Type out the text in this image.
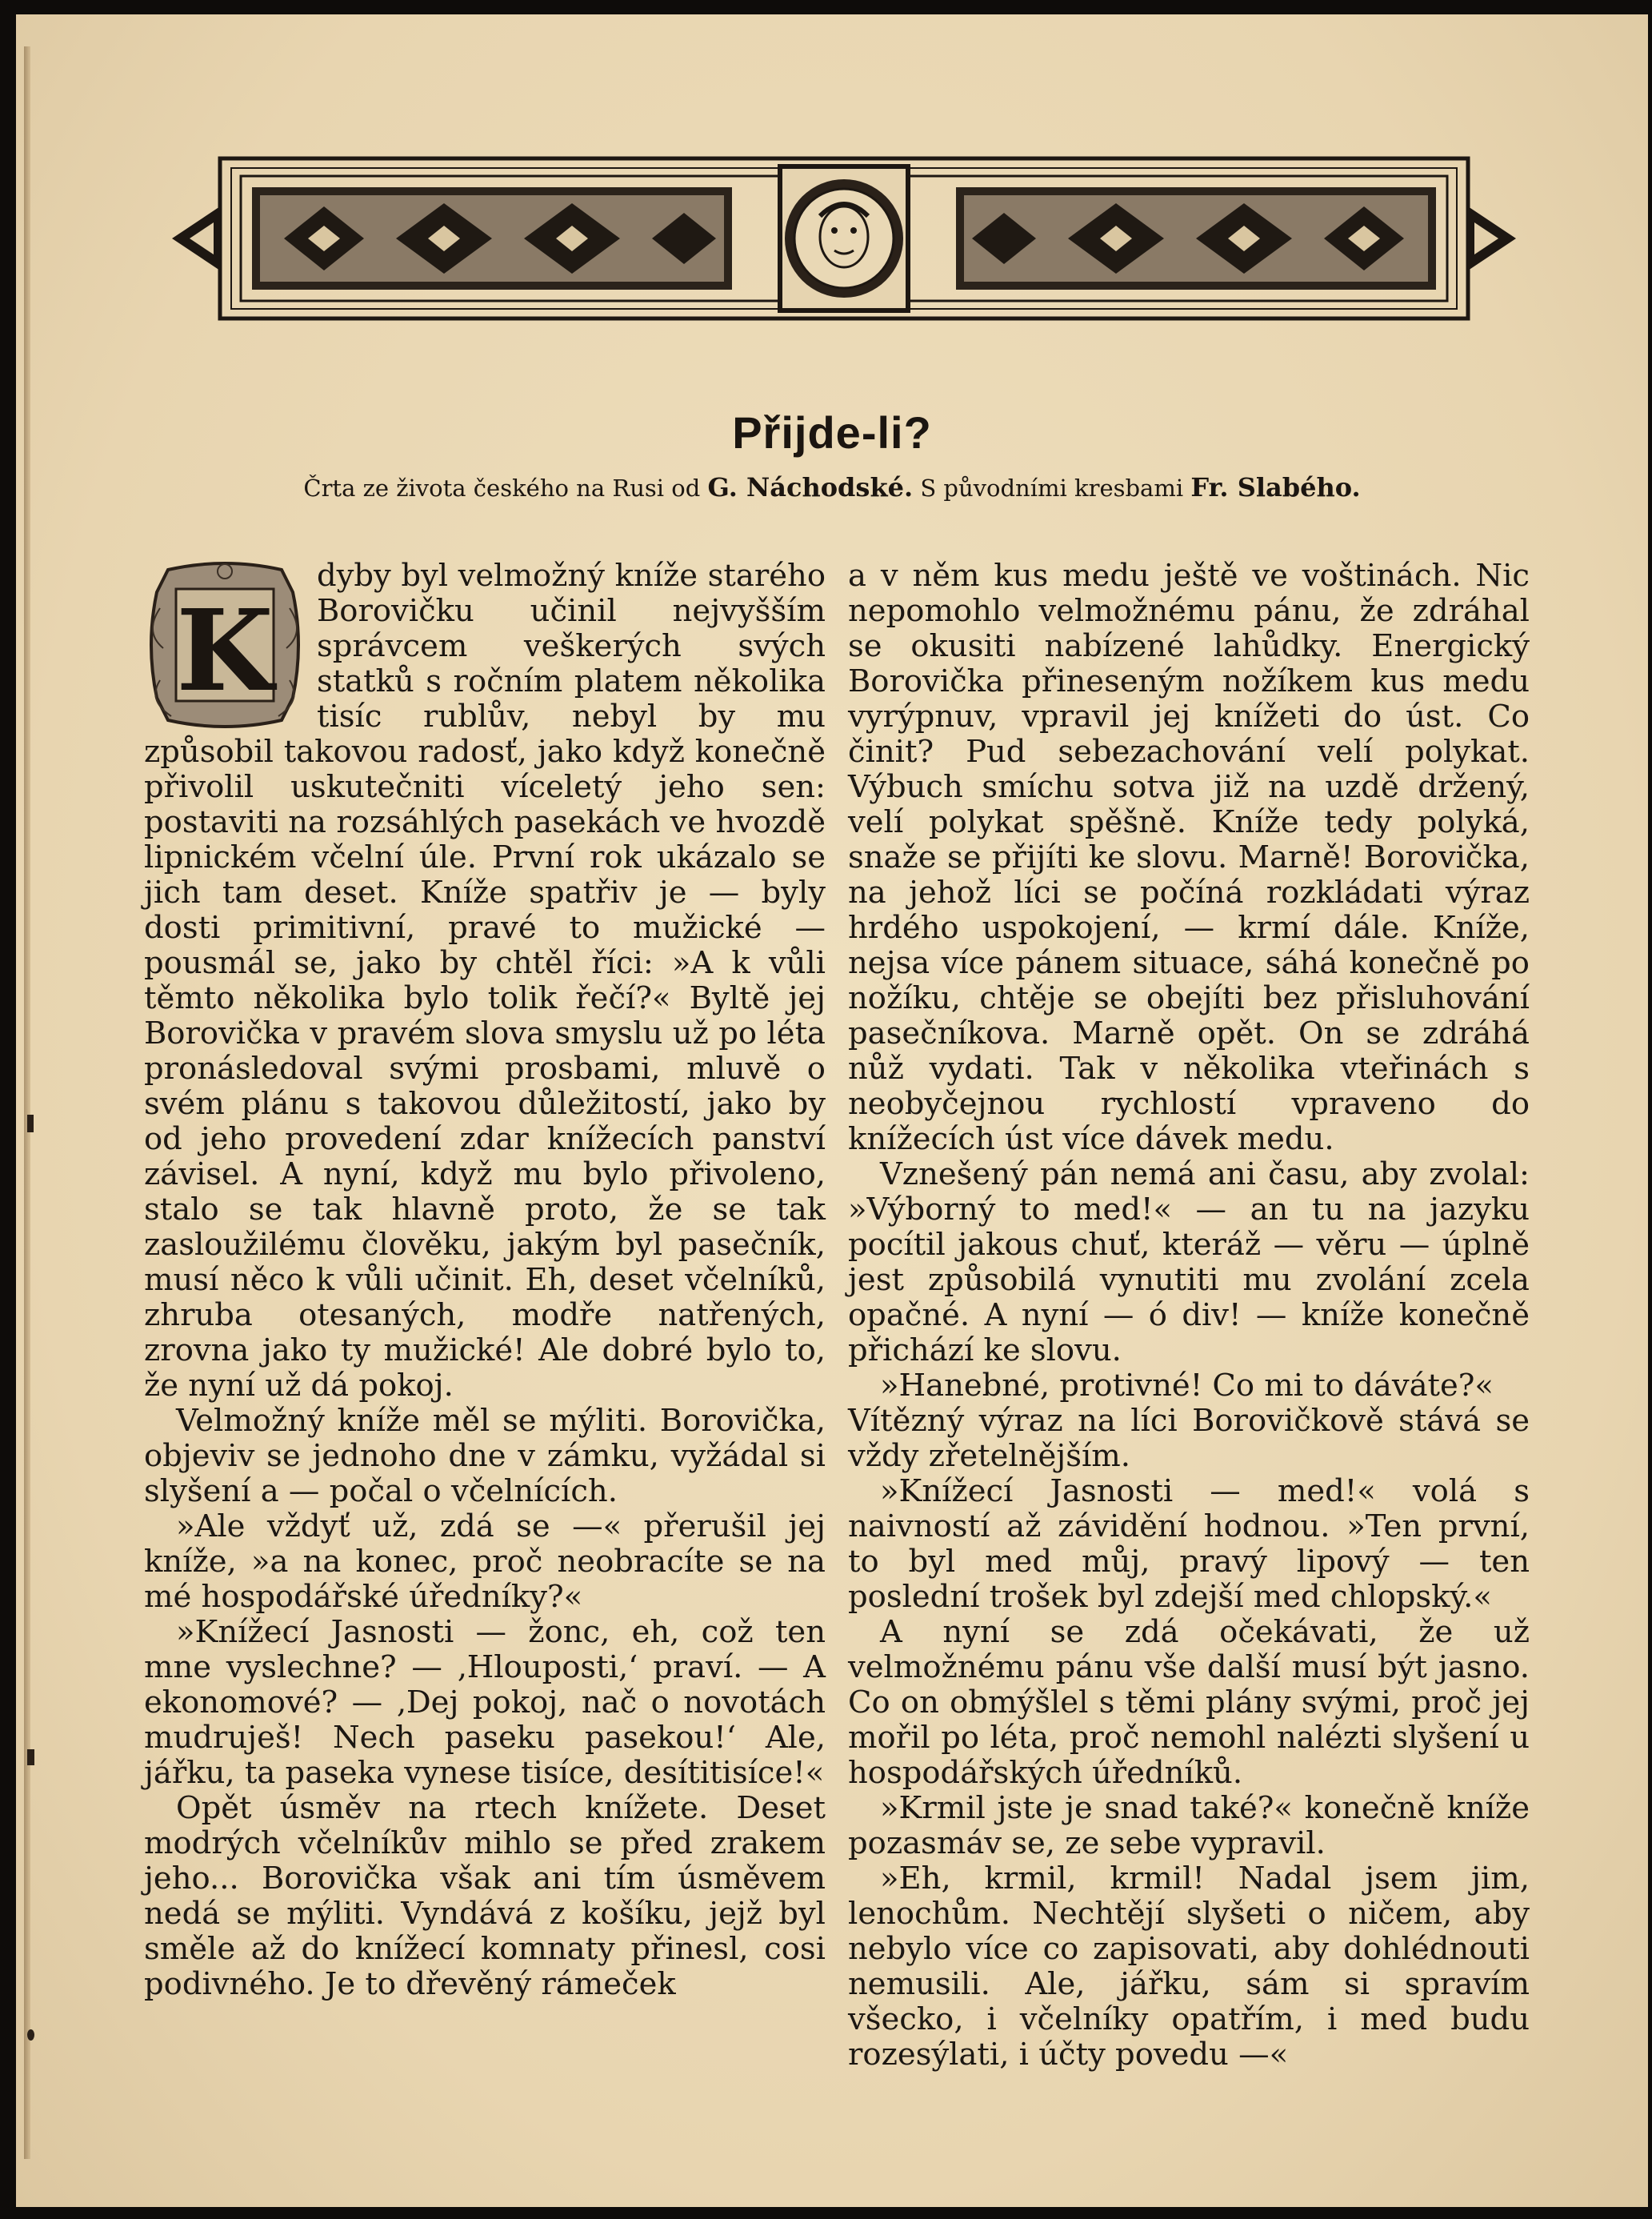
Přijde-li?
Črta ze života českého na Rusi od G. Náchodské. S původními kresbami Fr. Slabého.
K

dyby byl velmožný kníže starého Borovičku učinil nejvyšším správcem veškerých svých statků s ročním platem několika tisíc rublův, nebyl by mu způsobil takovou radosť, jako když konečně přivolil uskutečniti víceletý jeho sen: postaviti na rozsáhlých pasekách ve hvozdě lipnickém včelní úle. První rok ukázalo se jich tam deset. Kníže spatřiv je — byly dosti primitivní, pravé to mužické — pousmál se, jako by chtěl říci: »A k vůli těmto několika bylo tolik řečí?« Byltě jej Borovička v pravém slova smyslu už po léta pronásledoval svými prosbami, mluvě o svém plánu s takovou důležitostí, jako by od jeho provedení zdar knížecích panství závisel. A nyní, když mu bylo přivoleno, stalo se tak hlavně proto, že se tak zasloužilému člověku, jakým byl pasečník, musí něco k vůli učinit. Eh, deset včelníků, zhruba otesaných, modře natřených, zrovna jako ty mužické! Ale dobré bylo to, že nyní už dá pokoj.

Velmožný kníže měl se mýliti. Borovička, objeviv se jednoho dne v zámku, vyžádal si slyšení a — počal o včelnících.

»Ale vždyť už, zdá se —« přerušil jej kníže, »a na konec, proč neobracíte se na mé hospodářské úředníky?«

»Knížecí Jasnosti — žonc, eh, což ten mne vyslechne? — ‚Hlouposti,‘ praví. — A ekonomové? — ‚Dej pokoj, nač o novotách mudruješ! Nech paseku pasekou!‘ Ale, jářku, ta paseka vynese tisíce, desítitisíce!«

Opět úsměv na rtech knížete. Deset modrých včelníkův mihlo se před zrakem jeho... Borovička však ani tím úsměvem nedá se mýliti. Vyndává z košíku, jejž byl směle až do knížecí komnaty přinesl, cosi podivného. Je to dřevěný rámeček

a v něm kus medu ještě ve voštinách. Nic nepomohlo velmožnému pánu, že zdráhal se okusiti nabízené lahůdky. Energický Borovička přineseným nožíkem kus medu vyrýpnuv, vpravil jej knížeti do úst. Co činit? Pud sebezachování velí polykat. Výbuch smíchu sotva již na uzdě držený, velí polykat spěšně. Kníže tedy polyká, snaže se přijíti ke slovu. Marně! Borovička, na jehož líci se počíná rozkládati výraz hrdého uspokojení, — krmí dále. Kníže, nejsa více pánem situace, sáhá konečně po nožíku, chtěje se obejíti bez přisluhování pasečníkova. Marně opět. On se zdráhá nůž vydati. Tak v několika vteřinách s neobyčejnou rychlostí vpraveno do knížecích úst více dávek medu.

Vznešený pán nemá ani času, aby zvolal: »Výborný to med!« — an tu na jazyku pocítil jakous chuť, kteráž — věru — úplně jest způsobilá vynutiti mu zvolání zcela opačné. A nyní — ó div! — kníže konečně přichází ke slovu.

»Hanebné, protivné! Co mi to dáváte?«

Vítězný výraz na líci Borovičkově stává se vždy zřetelnějším.

»Knížecí Jasnosti — med!« volá s naivností až závidění hodnou. »Ten první, to byl med můj, pravý lipový — ten poslední trošek byl zdejší med chlopský.«

A nyní se zdá očekávati, že už velmožnému pánu vše další musí být jasno. Co on obmýšlel s těmi plány svými, proč jej mořil po léta, proč nemohl nalézti slyšení u hospodářských úředníků.

»Krmil jste je snad také?« konečně kníže pozasmáv se, ze sebe vypravil.

»Eh, krmil, krmil! Nadal jsem jim, lenochům. Nechtějí slyšeti o ničem, aby nebylo více co zapisovati, aby dohlédnouti nemusili. Ale, jářku, sám si spravím všecko, i včelníky opatřím, i med budu rozesýlati, i účty povedu —«
